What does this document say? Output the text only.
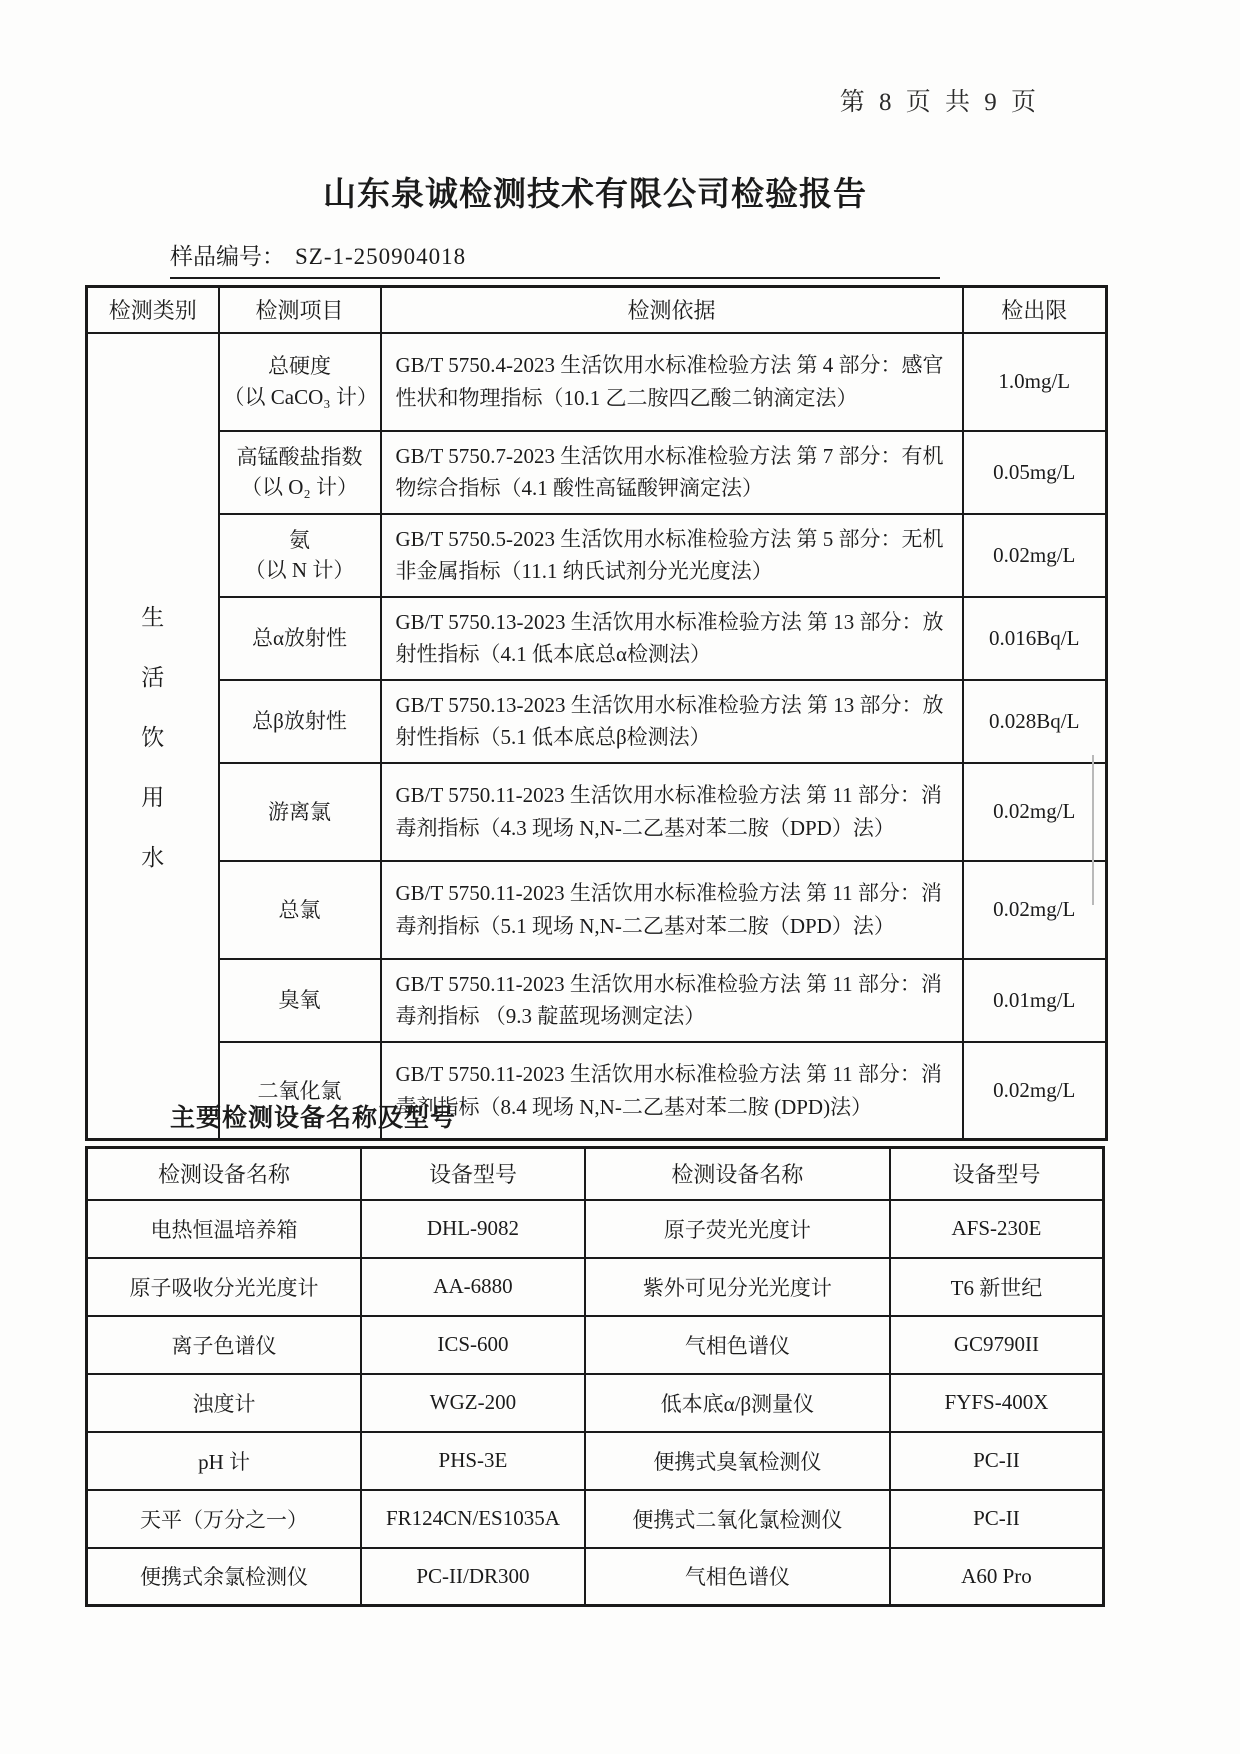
第 8 页 共 9 页
山东泉诚检测技术有限公司检验报告
样品编号： SZ-1-250904018
检测类别	检测项目	检测依据	检出限

生
活
饮
用
水

总硬度
（以 CaCO₃ 计）
	GB/T 5750.4-2023 生活饮用水标准检验方法 第 4 部分：感官性状和物理指标（10.1 乙二胺四乙酸二钠滴定法）	1.0mg/L

	高锰酸盐指数
（以 O₂ 计）	GB/T 5750.7-2023 生活饮用水标准检验方法 第 7 部分：有机物综合指标（4.1 酸性高锰酸钾滴定法）	0.05mg/L

	氨
（以 N 计）	GB/T 5750.5-2023 生活饮用水标准检验方法 第 5 部分：无机非金属指标（11.1 纳氏试剂分光光度法）	0.02mg/L

	总α放射性	GB/T 5750.13-2023 生活饮用水标准检验方法 第 13 部分：放射性指标（4.1 低本底总α检测法）	0.016Bq/L

	总β放射性	GB/T 5750.13-2023 生活饮用水标准检验方法 第 13 部分：放射性指标（5.1 低本底总β检测法）	0.028Bq/L

	游离氯	GB/T 5750.11-2023 生活饮用水标准检验方法 第 11 部分：消毒剂指标（4.3 现场 N,N-二乙基对苯二胺（DPD）法）	0.02mg/L

	总氯	GB/T 5750.11-2023 生活饮用水标准检验方法 第 11 部分：消毒剂指标（5.1 现场 N,N-二乙基对苯二胺（DPD）法）	0.02mg/L

	臭氧	GB/T 5750.11-2023 生活饮用水标准检验方法 第 11 部分：消毒剂指标 （9.3 靛蓝现场测定法）	0.01mg/L

	二氧化氯	GB/T 5750.11-2023 生活饮用水标准检验方法 第 11 部分：消毒剂指标（8.4 现场 N,N-二乙基对苯二胺 (DPD)法）	0.02mg/L
主要检测设备名称及型号
检测设备名称	设备型号	检测设备名称	设备型号
电热恒温培养箱	DHL-9082	原子荧光光度计	AFS-230E
原子吸收分光光度计	AA-6880	紫外可见分光光度计	T6 新世纪
离子色谱仪	ICS-600	气相色谱仪	GC9790II
浊度计	WGZ-200	低本底α/β测量仪	FYFS-400X
pH 计	PHS-3E	便携式臭氧检测仪	PC-II
天平（万分之一）	FR124CN/ES1035A	便携式二氧化氯检测仪	PC-II
便携式余氯检测仪	PC-II/DR300	气相色谱仪	A60 Pro
